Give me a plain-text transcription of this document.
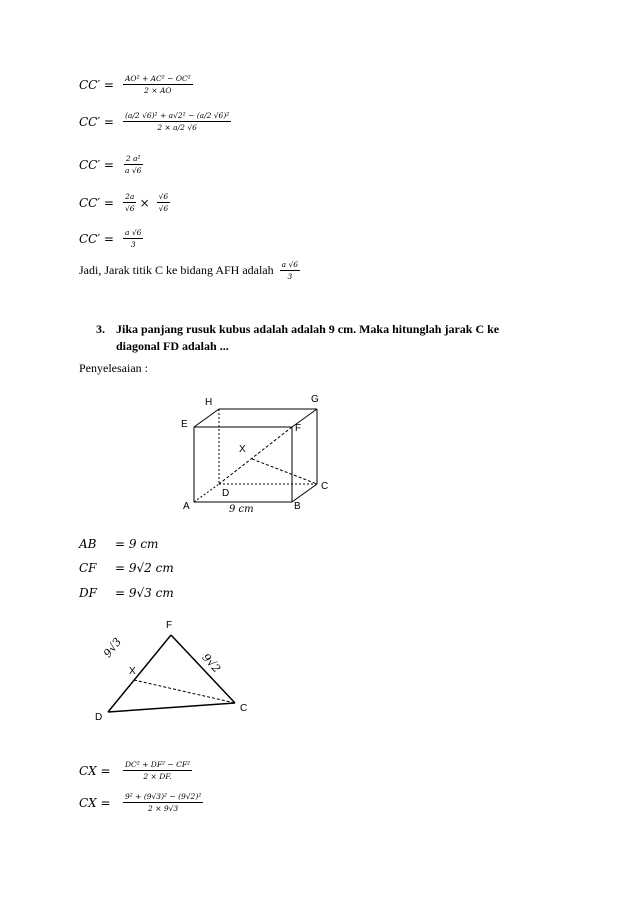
CC′ =	$\frac{\text{AO² + AC² − OC²}}{2 \times AO}$
CC′ =	$\frac{\text{(a/2 √6)² + a√2² − (a/2 √6)²}}{2 \times a/2 √6}$
CC′ =	$\frac{\text{2 a²}}{a √6}$
CC′ =	$\frac{2a}{√6} \times \frac{√6}{√6}$
CC′ =	$\frac{a √6}{3}$
Jadi, Jarak titik C ke bidang AFH adalah $\frac{a √6}{3}$
3. Jika panjang rusuk kubus adalah adalah 9 cm. Maka hitunglah jarak C ke
diagonal FD adalah ...
Penyelesaian :
H	G
E	F
X
C
D
A	B
9 cm
AB	= 9 cm
CF	= 9√2 cm
DF	= 9√3 cm
F
X
D
C
9√3
9√2
CX =	$\frac{\text{DC² + DF² − CF²}}{2 \times DF.}$
CX =	$\frac{\text{9² + (9√3)² − (9√2)²}}{2 \times 9√3}$
